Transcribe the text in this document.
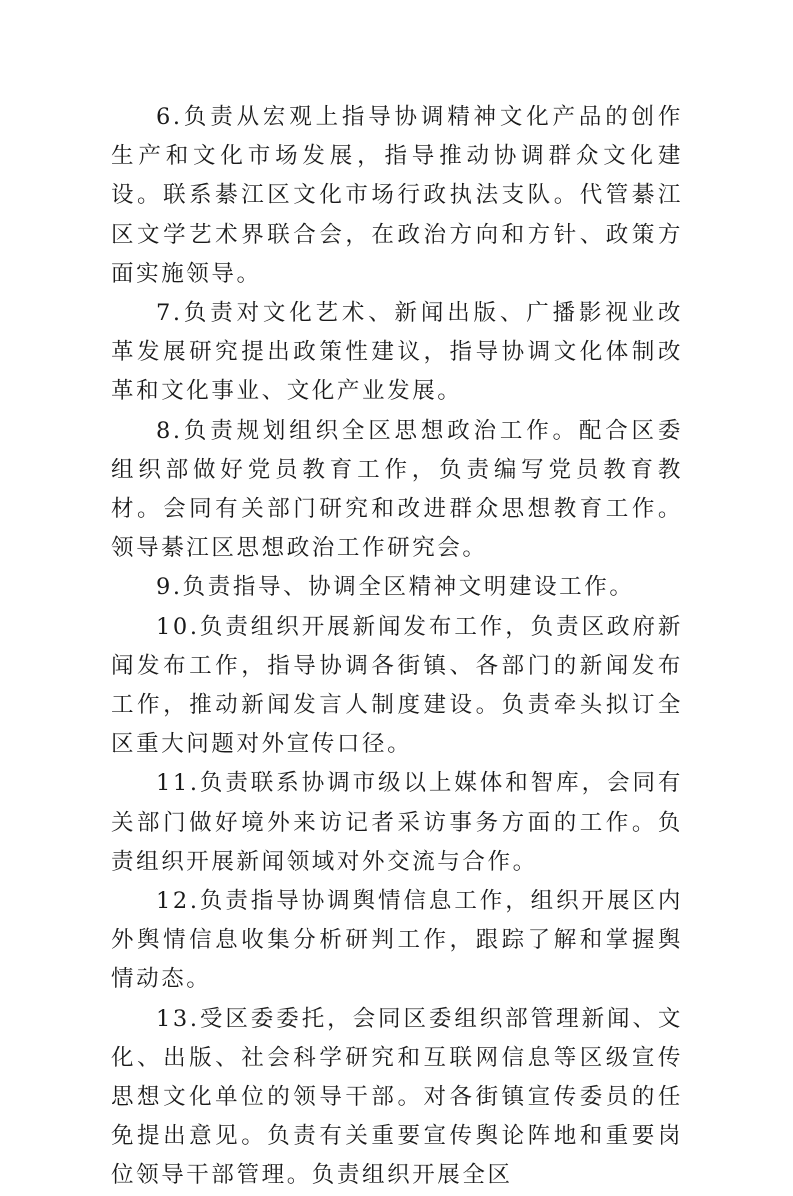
6.负责从宏观上指导协调精神文化产品的创作生产和文化市场发展，指导推动协调群众文化建设。联系綦江区文化市场行政执法支队。代管綦江区文学艺术界联合会，在政治方向和方针、政策方面实施领导。

7.负责对文化艺术、新闻出版、广播影视业改革发展研究提出政策性建议，指导协调文化体制改革和文化事业、文化产业发展。

8.负责规划组织全区思想政治工作。配合区委组织部做好党员教育工作，负责编写党员教育教材。会同有关部门研究和改进群众思想教育工作。领导綦江区思想政治工作研究会。

9.负责指导、协调全区精神文明建设工作。

10.负责组织开展新闻发布工作，负责区政府新闻发布工作，指导协调各街镇、各部门的新闻发布工作，推动新闻发言人制度建设。负责牵头拟订全区重大问题对外宣传口径。

11.负责联系协调市级以上媒体和智库，会同有关部门做好境外来访记者采访事务方面的工作。负责组织开展新闻领域对外交流与合作。

12.负责指导协调舆情信息工作，组织开展区内外舆情信息收集分析研判工作，跟踪了解和掌握舆情动态。

13.受区委委托，会同区委组织部管理新闻、文化、出版、社会科学研究和互联网信息等区级宣传思想文化单位的领导干部。对各街镇宣传委员的任免提出意见。负责有关重要宣传舆论阵地和重要岗位领导干部管理。负责组织开展全区
